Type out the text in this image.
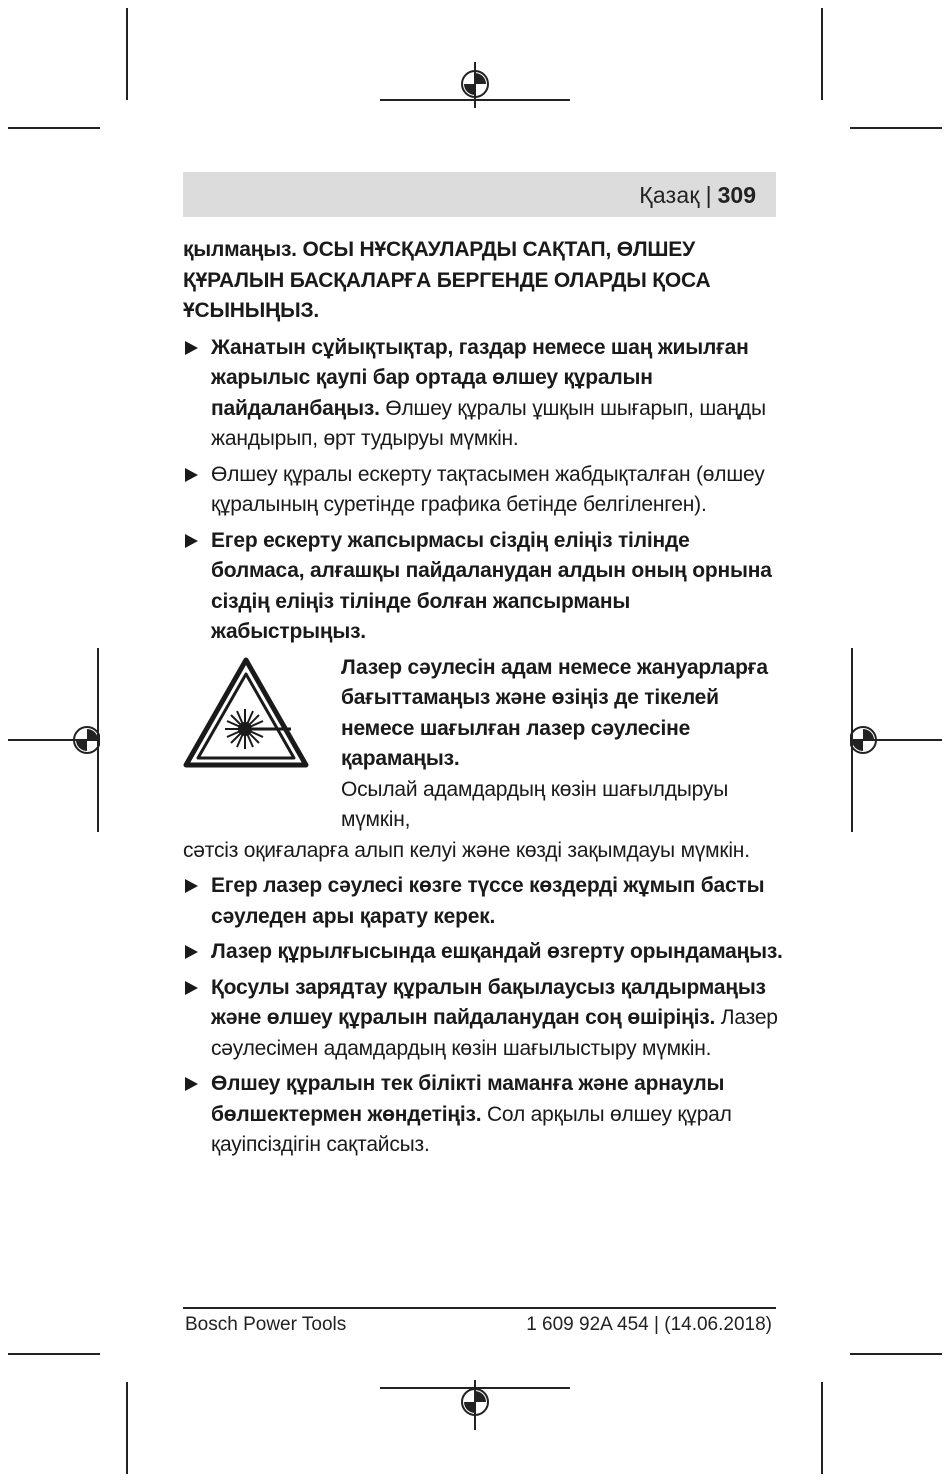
Қазақ | 309

қылмаңыз. ОСЫ НҰСҚАУЛАРДЫ САҚТАП, ӨЛШЕУ ҚҰРАЛЫН БАСҚАЛАРҒА БЕРГЕНДЕ ОЛАРДЫ ҚОСА ҰСЫНЫҢЫЗ.

Жанатын сұйықтықтар, газдар немесе шаң жиылған жарылыс қаупі бар ортада өлшеу құралын пайдаланбаңыз. Өлшеу құралы ұшқын шығарып, шаңды жандырып, өрт тудыруы мүмкін.
Өлшеу құралы ескерту тақтасымен жабдықталған (өлшеу құралының суретінде графика бетінде белгіленген).
Егер ескерту жапсырмасы сіздің еліңіз тілінде болмаса, алғашқы пайдаланудан алдын оның орнына сіздің еліңіз тілінде болған жапсырманы жабыстрыңыз.
Лазер сәулесін адам немесе жануарларға бағыттамаңыз және өзіңіз де тікелей немесе шағылған лазер сәулесіне қарамаңыз.
Осылай адамдардың көзін шағылдыруы мүмкін,
сәтсіз оқиғаларға алып келуі және көзді зақымдауы мүмкін.
Егер лазер сәулесі көзге түссе көздерді жұмып басты сәуледен ары қарату керек.
Лазер құрылғысында ешқандай өзгерту орындамаңыз.
Қосулы зарядтау құралын бақылаусыз қалдырмаңыз және өлшеу құралын пайдаланудан соң өшіріңіз. Лазер сәулесімен адамдардың көзін шағылыстыру мүмкін.
Өлшеу құралын тек білікті маманға және арнаулы бөлшектермен жөндетіңіз. Сол арқылы өлшеу құрал қауіпсіздігін сақтайсыз.
Bosch Power Tools	1 609 92A 454 | (14.06.2018)
